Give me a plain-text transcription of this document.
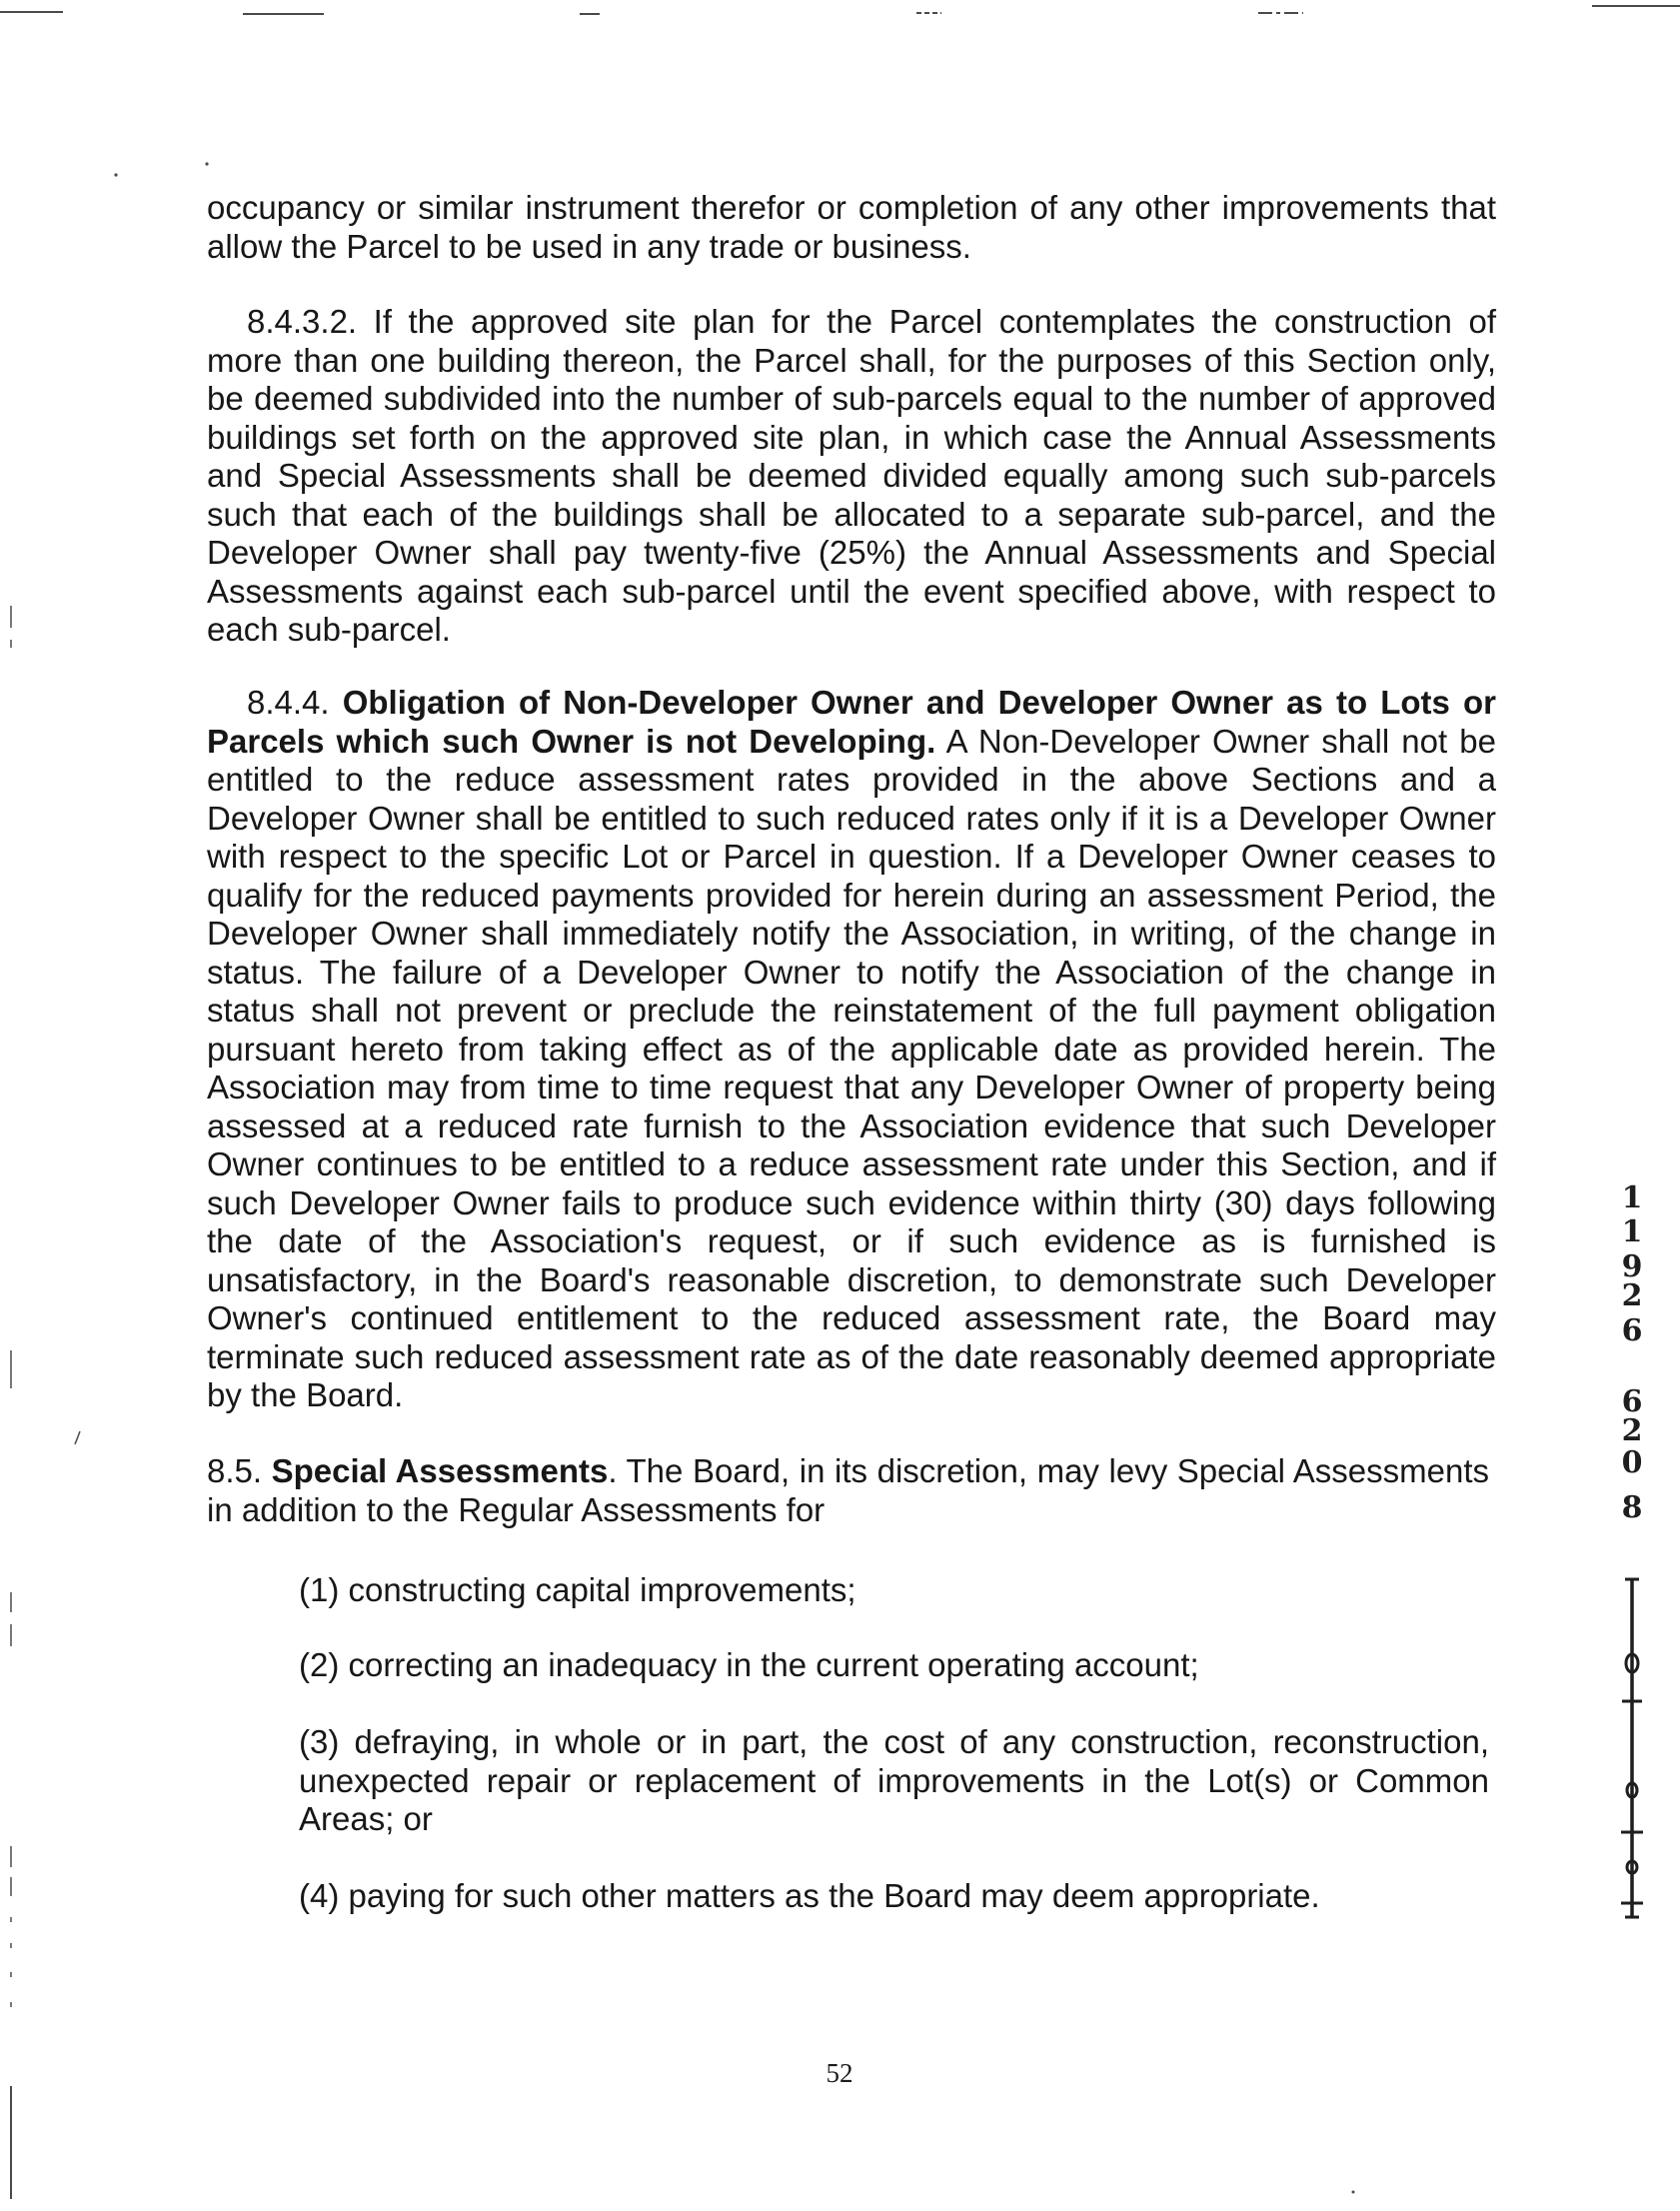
occupancy or similar instrument therefor or completion of any other improvements that
allow the Parcel to be used in any trade or business.
8.4.3.2. If the approved site plan for the Parcel contemplates the construction of
more than one building thereon, the Parcel shall, for the purposes of this Section only,
be deemed subdivided into the number of sub-parcels equal to the number of approved
buildings set forth on the approved site plan, in which case the Annual Assessments
and Special Assessments shall be deemed divided equally among such sub-parcels
such that each of the buildings shall be allocated to a separate sub-parcel, and the
Developer Owner shall pay twenty-five (25%) the Annual Assessments and Special
Assessments against each sub-parcel until the event specified above, with respect to
each sub-parcel.
8.4.4. Obligation of Non-Developer Owner and Developer Owner as to Lots or
Parcels which such Owner is not Developing. A Non-Developer Owner shall not be
entitled to the reduce assessment rates provided in the above Sections and a
Developer Owner shall be entitled to such reduced rates only if it is a Developer Owner
with respect to the specific Lot or Parcel in question. If a Developer Owner ceases to
qualify for the reduced payments provided for herein during an assessment Period, the
Developer Owner shall immediately notify the Association, in writing, of the change in
status. The failure of a Developer Owner to notify the Association of the change in
status shall not prevent or preclude the reinstatement of the full payment obligation
pursuant hereto from taking effect as of the applicable date as provided herein. The
Association may from time to time request that any Developer Owner of property being
assessed at a reduced rate furnish to the Association evidence that such Developer
Owner continues to be entitled to a reduce assessment rate under this Section, and if
such Developer Owner fails to produce such evidence within thirty (30) days following
the date of the Association's request, or if such evidence as is furnished is
unsatisfactory, in the Board's reasonable discretion, to demonstrate such Developer
Owner's continued entitlement to the reduced assessment rate, the Board may
terminate such reduced assessment rate as of the date reasonably deemed appropriate
by the Board.
8.5. Special Assessments. The Board, in its discretion, may levy Special Assessments
in addition to the Regular Assessments for
(1) constructing capital improvements;
(2) correcting an inadequacy in the current operating account;
(3) defraying, in whole or in part, the cost of any construction, reconstruction,
unexpected repair or replacement of improvements in the Lot(s) or Common
Areas; or
(4) paying for such other matters as the Board may deem appropriate.
52
1
1
9
2
6
6
2
0
8
